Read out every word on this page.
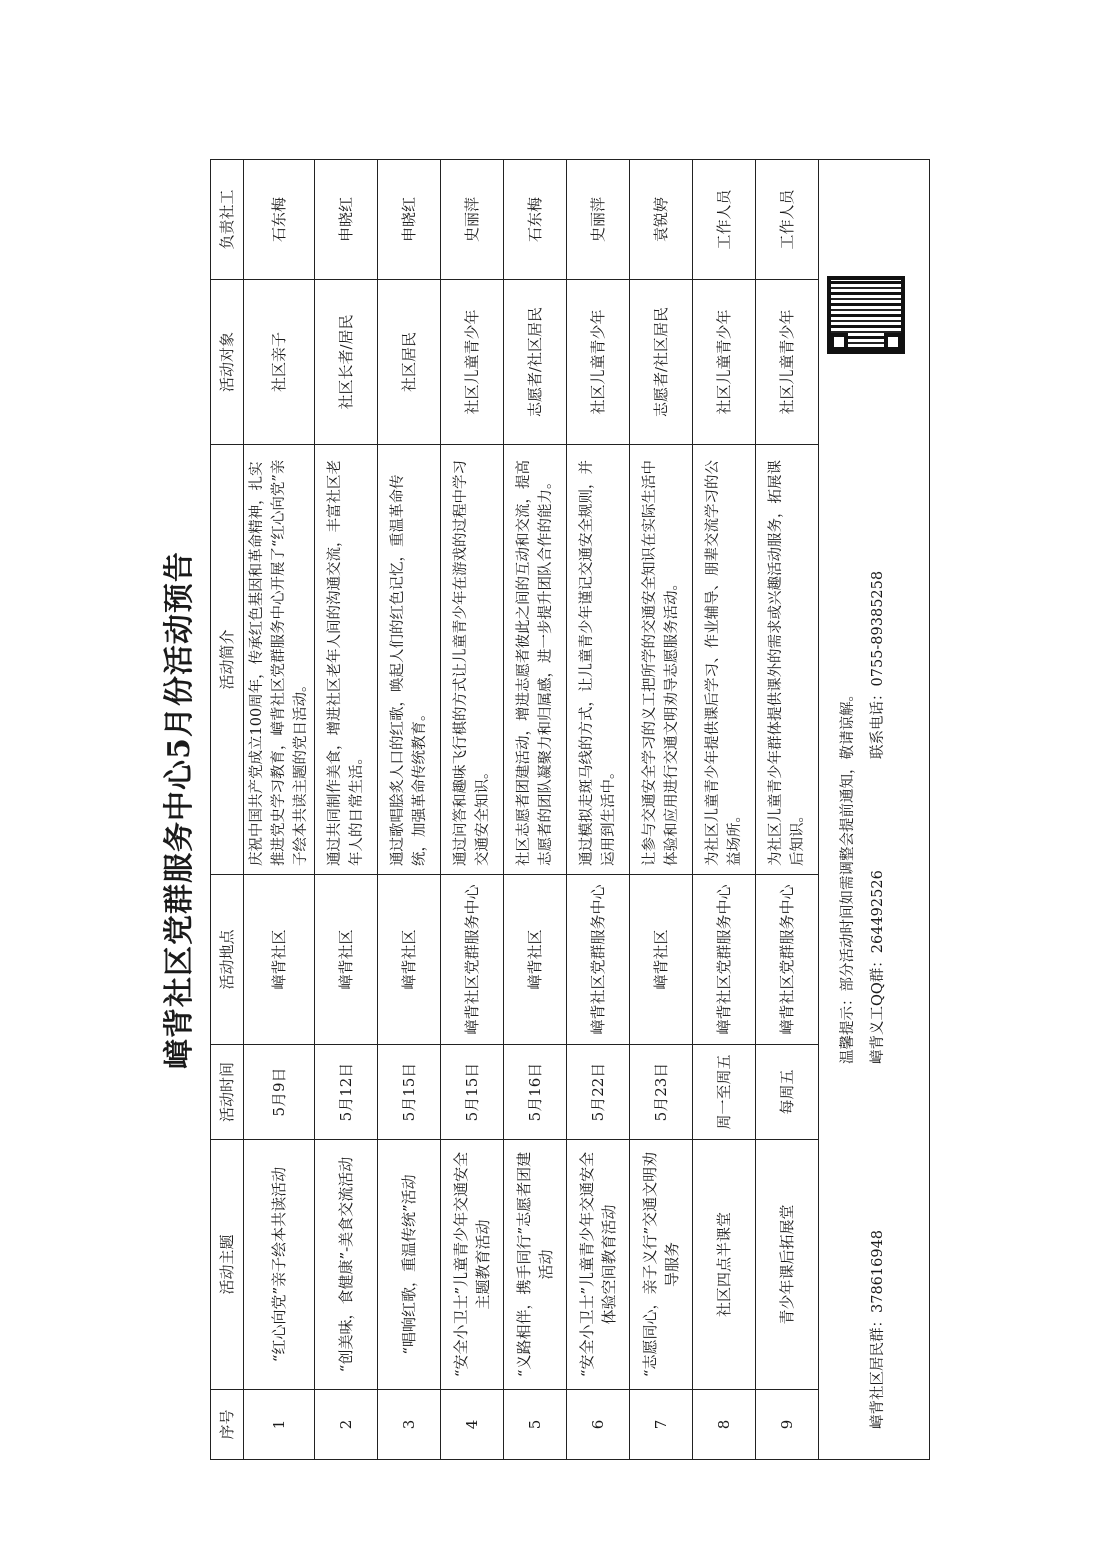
嶂背社区党群服务中心5月份活动预告
序号	活动主题	活动时间	活动地点	活动简介	活动对象	负责社工
1	“红心向党”亲子绘本共读活动	5月9日	嶂背社区	庆祝中国共产党成立100周年，传承红色基因和革命精神，扎实推进党史学习教育，嶂背社区党群服务中心开展了“红心向党”亲子绘本共读主题的党日活动。	社区亲子	石东梅
2	“创美味，食健康”-美食交流活动	5月12日	嶂背社区	通过共同制作美食，增进社区老年人间的沟通交流，丰富社区老年人的日常生活。	社区长者/居民	申晓红
3	“唱响红歌，重温传统”活动	5月15日	嶂背社区	通过歌唱脍炙人口的红歌，唤起人们的红色记忆，重温革命传统，加强革命传统教育。	社区居民	申晓红
4	“安全小卫士”儿童青少年交通安全主题教育活动	5月15日	嶂背社区党群服务中心	通过问答和趣味飞行棋的方式让儿童青少年在游戏的过程中学习交通安全知识。	社区儿童青少年	史丽萍
5	“义路相伴，携手同行”志愿者团建活动	5月16日	嶂背社区	社区志愿者团建活动，增进志愿者彼此之间的互动和交流，提高志愿者的团队凝聚力和归属感，进一步提升团队合作的能力。	志愿者/社区居民	石东梅
6	“安全小卫士”儿童青少年交通安全体验空间教育活动	5月22日	嶂背社区党群服务中心	通过模拟走斑马线的方式，让儿童青少年谨记交通安全规则，并运用到生活中。	社区儿童青少年	史丽萍
7	“志愿同心，亲子义行”交通文明劝导服务	5月23日	嶂背社区	让参与交通安全学习的义工把所学的交通安全知识在实际生活中体验和应用进行交通文明劝导志愿服务活动。	志愿者/社区居民	袁锐婷
8	社区四点半课堂	周一至周五	嶂背社区党群服务中心	为社区儿童青少年提供课后学习、作业辅导、朋辈交流学习的公益场所。	社区儿童青少年	工作人员
9	青少年课后拓展堂	每周五	嶂背社区党群服务中心	为社区儿童青少年群体提供课外的需求或兴趣活动服务，拓展课后知识。	社区儿童青少年	工作人员

温馨提示：部分活动时间如需调整会提前通知，敬请谅解。
嶂背社区居民群：378616948
嶂背义工QQ群：264492526
联系电话：0755-89385258						
